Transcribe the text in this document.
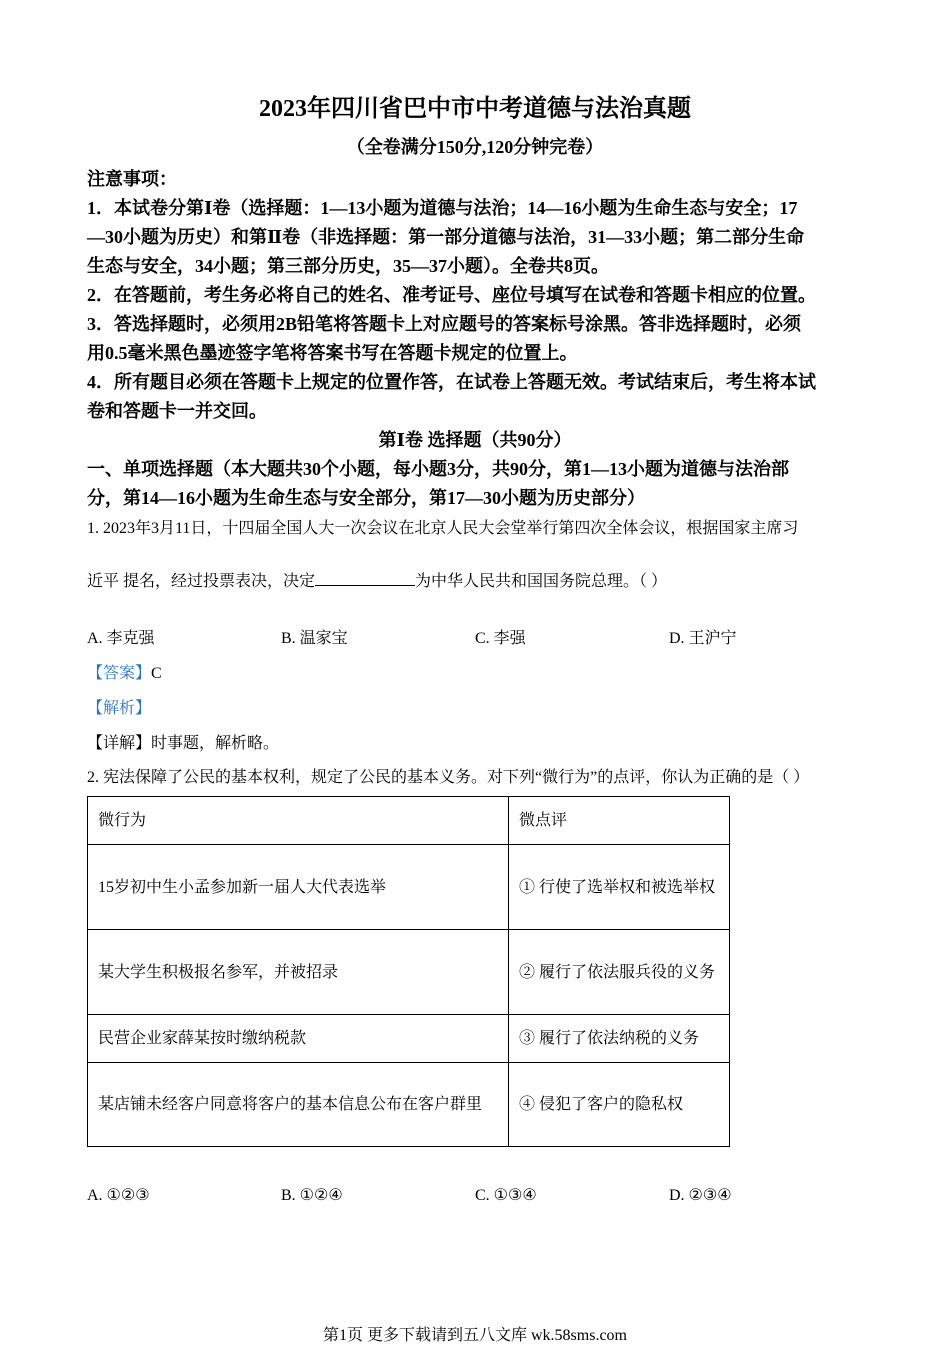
2023年四川省巴中市中考道德与法治真题
（全卷满分150分,120分钟完卷）
注意事项：
1．本试卷分第Ⅰ卷（选择题：1—13小题为道德与法治；14—16小题为生命生态与安全；17
—30小题为历史）和第Ⅱ卷（非选择题：第一部分道德与法治，31—33小题；第二部分生命
生态与安全，34小题；第三部分历史，35—37小题）。全卷共8页。
2．在答题前，考生务必将自己的姓名、准考证号、座位号填写在试卷和答题卡相应的位置。
3．答选择题时，必须用2B铅笔将答题卡上对应题号的答案标号涂黑。答非选择题时，必须
用0.5毫米黑色墨迹签字笔将答案书写在答题卡规定的位置上。
4．所有题目必须在答题卡上规定的位置作答，在试卷上答题无效。考试结束后，考生将本试
卷和答题卡一并交回。
第Ⅰ卷 选择题（共90分）
一、单项选择题（本大题共30个小题，每小题3分，共90分，第1—13小题为道德与法治部
分，第14—16小题为生命生态与安全部分，第17—30小题为历史部分）
1. 2023年3月11日，十四届全国人大一次会议在北京人民大会堂举行第四次全体会议，根据国家主席习
近平 提名，经过投票表决，决定	为中华人民共和国国务院总理。（ ）
A. 李克强	B. 温家宝	C. 李强	D. 王沪宁
【答案】C
【解析】
【详解】时事题，解析略。
2. 宪法保障了公民的基本权利，规定了公民的基本义务。对下列“微行为”的点评，你认为正确的是（ ）
微行为	微点评
15岁初中生小孟参加新一届人大代表选举	① 行使了选举权和被选举权
某大学生积极报名参军，并被招录	② 履行了依法服兵役的义务
民营企业家薛某按时缴纳税款	③ 履行了依法纳税的义务
某店铺未经客户同意将客户的基本信息公布在客户群里	④ 侵犯了客户的隐私权
A. ①②③	B. ①②④	C. ①③④	D. ②③④
第1页 更多下载请到五八文库 wk.58sms.com
